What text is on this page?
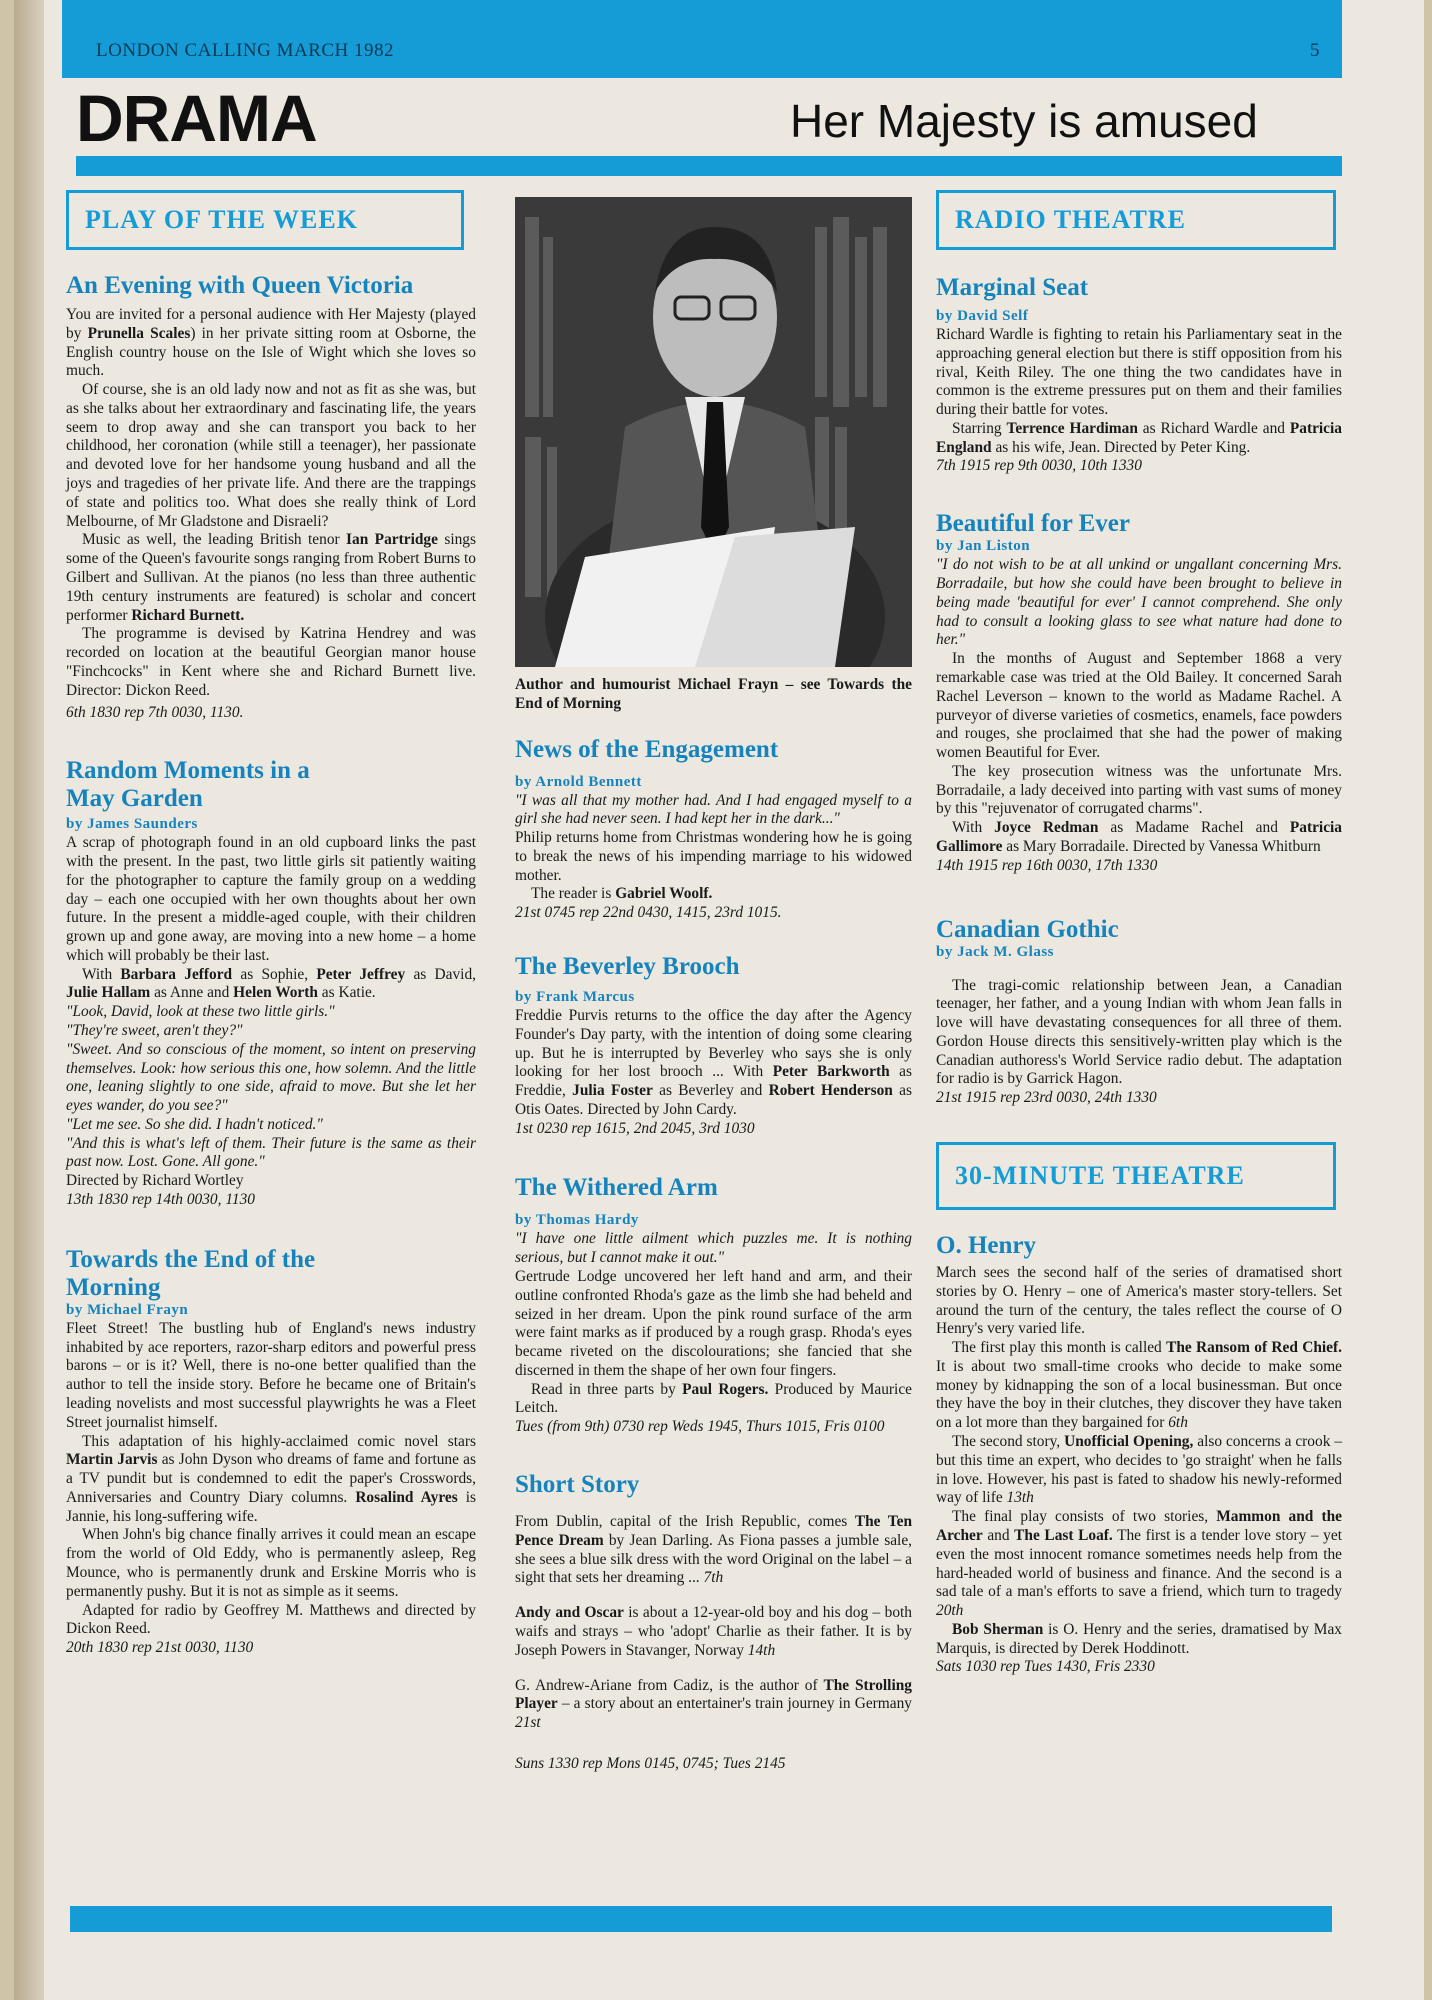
LONDON CALLING MARCH 1982	5
DRAMA	Her Majesty is amused
PLAY OF THE WEEK
An Evening with Queen Victoria

You are invited for a personal audience with Her Majesty (played by Prunella Scales) in her private sitting room at Osborne, the English country house on the Isle of Wight which she loves so much.

Of course, she is an old lady now and not as fit as she was, but as she talks about her extraordinary and fascinating life, the years seem to drop away and she can transport you back to her childhood, her coronation (while still a teenager), her passionate and devoted love for her handsome young husband and all the joys and tragedies of her private life. And there are the trappings of state and politics too. What does she really think of Lord Melbourne, of Mr Gladstone and Disraeli?

Music as well, the leading British tenor Ian Partridge sings some of the Queen's favourite songs ranging from Robert Burns to Gilbert and Sullivan. At the pianos (no less than three authentic 19th century instruments are featured) is scholar and concert performer Richard Burnett.

The programme is devised by Katrina Hendrey and was recorded on location at the beautiful Georgian manor house "Finchcocks" in Kent where she and Richard Burnett live. Director: Dickon Reed.

6th 1830 rep 7th 0030, 1130.

Random Moments in a May Garden
by James Saunders

A scrap of photograph found in an old cupboard links the past with the present. In the past, two little girls sit patiently waiting for the photographer to capture the family group on a wedding day – each one occupied with her own thoughts about her own future. In the present a middle-aged couple, with their children grown up and gone away, are moving into a new home – a home which will probably be their last.

With Barbara Jefford as Sophie, Peter Jeffrey as David, Julie Hallam as Anne and Helen Worth as Katie.

"Look, David, look at these two little girls."

"They're sweet, aren't they?"

"Sweet. And so conscious of the moment, so intent on preserving themselves. Look: how serious this one, how solemn. And the little one, leaning slightly to one side, afraid to move. But she let her eyes wander, do you see?"

"Let me see. So she did. I hadn't noticed."

"And this is what's left of them. Their future is the same as their past now. Lost. Gone. All gone."

Directed by Richard Wortley

13th 1830 rep 14th 0030, 1130

Towards the End of the Morning
by Michael Frayn

Fleet Street! The bustling hub of England's news industry inhabited by ace reporters, razor-sharp editors and powerful press barons – or is it? Well, there is no-one better qualified than the author to tell the inside story. Before he became one of Britain's leading novelists and most successful playwrights he was a Fleet Street journalist himself.

This adaptation of his highly-acclaimed comic novel stars Martin Jarvis as John Dyson who dreams of fame and fortune as a TV pundit but is condemned to edit the paper's Crosswords, Anniversaries and Country Diary columns. Rosalind Ayres is Jannie, his long-suffering wife.

When John's big chance finally arrives it could mean an escape from the world of Old Eddy, who is permanently asleep, Reg Mounce, who is permanently drunk and Erskine Morris who is permanently pushy. But it is not as simple as it seems.

Adapted for radio by Geoffrey M. Matthews and directed by Dickon Reed.

20th 1830 rep 21st 0030, 1130

Author and humourist Michael Frayn – see Towards the End of Morning
News of the Engagement
by Arnold Bennett

"I was all that my mother had. And I had engaged myself to a girl she had never seen. I had kept her in the dark..."

Philip returns home from Christmas wondering how he is going to break the news of his impending marriage to his widowed mother.

The reader is Gabriel Woolf.

21st 0745 rep 22nd 0430, 1415, 23rd 1015.

The Beverley Brooch
by Frank Marcus

Freddie Purvis returns to the office the day after the Agency Founder's Day party, with the intention of doing some clearing up. But he is interrupted by Beverley who says she is only looking for her lost brooch ... With Peter Barkworth as Freddie, Julia Foster as Beverley and Robert Henderson as Otis Oates. Directed by John Cardy.

1st 0230 rep 1615, 2nd 2045, 3rd 1030

The Withered Arm
by Thomas Hardy

"I have one little ailment which puzzles me. It is nothing serious, but I cannot make it out."

Gertrude Lodge uncovered her left hand and arm, and their outline confronted Rhoda's gaze as the limb she had beheld and seized in her dream. Upon the pink round surface of the arm were faint marks as if produced by a rough grasp. Rhoda's eyes became riveted on the discolourations; she fancied that she discerned in them the shape of her own four fingers.

Read in three parts by Paul Rogers. Produced by Maurice Leitch.

Tues (from 9th) 0730 rep Weds 1945, Thurs 1015, Fris 0100

Short Story

From Dublin, capital of the Irish Republic, comes The Ten Pence Dream by Jean Darling. As Fiona passes a jumble sale, she sees a blue silk dress with the word Original on the label – a sight that sets her dreaming ... 7th

Andy and Oscar is about a 12-year-old boy and his dog – both waifs and strays – who 'adopt' Charlie as their father. It is by Joseph Powers in Stavanger, Norway 14th

G. Andrew-Ariane from Cadiz, is the author of The Strolling Player – a story about an entertainer's train journey in Germany 21st

Suns 1330 rep Mons 0145, 0745; Tues 2145

RADIO THEATRE
Marginal Seat
by David Self

Richard Wardle is fighting to retain his Parliamentary seat in the approaching general election but there is stiff opposition from his rival, Keith Riley. The one thing the two candidates have in common is the extreme pressures put on them and their families during their battle for votes.

Starring Terrence Hardiman as Richard Wardle and Patricia England as his wife, Jean. Directed by Peter King.

7th 1915 rep 9th 0030, 10th 1330

Beautiful for Ever
by Jan Liston

"I do not wish to be at all unkind or ungallant concerning Mrs. Borradaile, but how she could have been brought to believe in being made 'beautiful for ever' I cannot comprehend. She only had to consult a looking glass to see what nature had done to her."

In the months of August and September 1868 a very remarkable case was tried at the Old Bailey. It concerned Sarah Rachel Leverson – known to the world as Madame Rachel. A purveyor of diverse varieties of cosmetics, enamels, face powders and rouges, she proclaimed that she had the power of making women Beautiful for Ever.

The key prosecution witness was the unfortunate Mrs. Borradaile, a lady deceived into parting with vast sums of money by this "rejuvenator of corrugated charms".

With Joyce Redman as Madame Rachel and Patricia Gallimore as Mary Borradaile. Directed by Vanessa Whitburn

14th 1915 rep 16th 0030, 17th 1330

Canadian Gothic
by Jack M. Glass

The tragi-comic relationship between Jean, a Canadian teenager, her father, and a young Indian with whom Jean falls in love will have devastating consequences for all three of them. Gordon House directs this sensitively-written play which is the Canadian authoress's World Service radio debut. The adaptation for radio is by Garrick Hagon.

21st 1915 rep 23rd 0030, 24th 1330

30-MINUTE THEATRE
O. Henry

March sees the second half of the series of dramatised short stories by O. Henry – one of America's master story-tellers. Set around the turn of the century, the tales reflect the course of O Henry's very varied life.

The first play this month is called The Ransom of Red Chief. It is about two small-time crooks who decide to make some money by kidnapping the son of a local businessman. But once they have the boy in their clutches, they discover they have taken on a lot more than they bargained for 6th

The second story, Unofficial Opening, also concerns a crook – but this time an expert, who decides to 'go straight' when he falls in love. However, his past is fated to shadow his newly-reformed way of life 13th

The final play consists of two stories, Mammon and the Archer and The Last Loaf. The first is a tender love story – yet even the most innocent romance sometimes needs help from the hard-headed world of business and finance. And the second is a sad tale of a man's efforts to save a friend, which turn to tragedy 20th

Bob Sherman is O. Henry and the series, dramatised by Max Marquis, is directed by Derek Hoddinott.

Sats 1030 rep Tues 1430, Fris 2330
